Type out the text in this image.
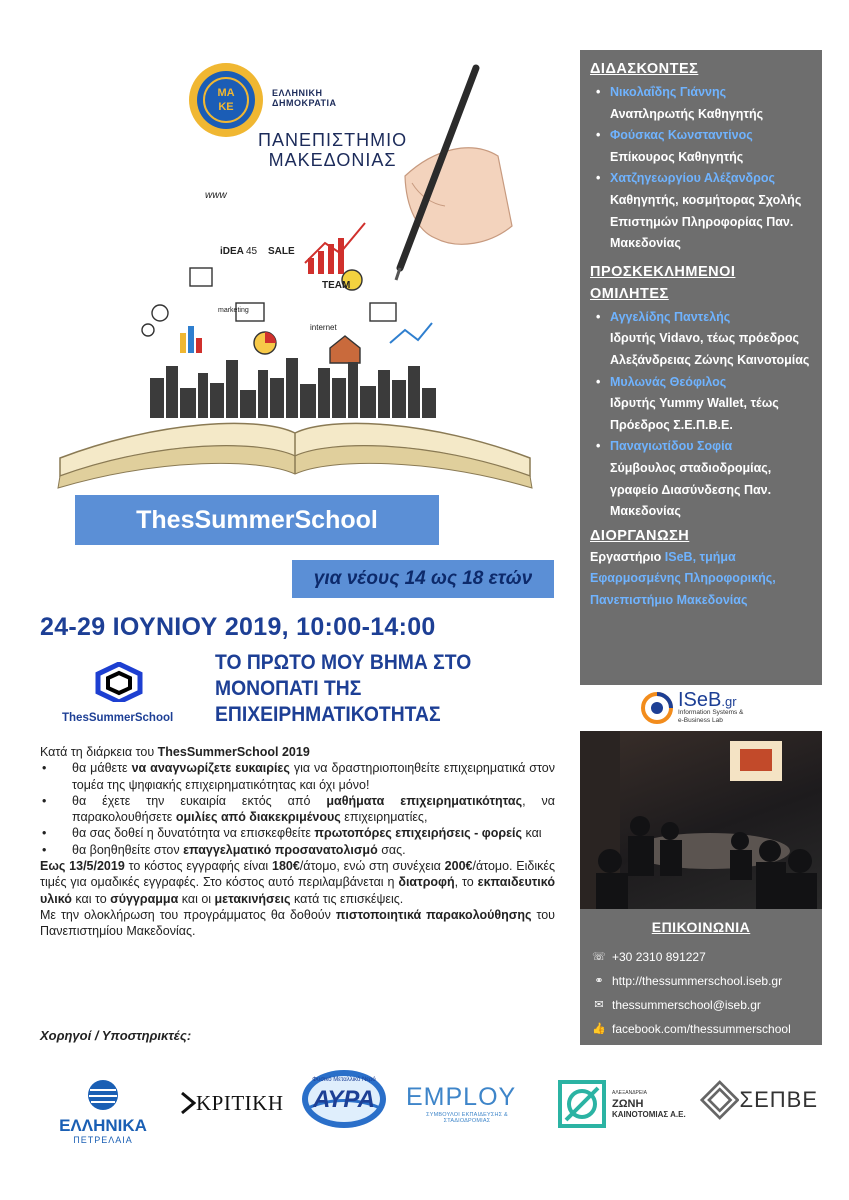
ΜΑ
ΚΕ
www
iDEA 45 SALE
TEAM
internet
marketing
ΕΛΛΗΝΙΚΗ
ΔΗΜΟΚΡΑΤΙΑ
ΠΑΝΕΠΙΣΤΗΜΙΟ
ΜΑΚΕΔΟΝΙΑΣ
ThesSummerSchool
για νέους 14 ως 18 ετών
24-29 ΙΟΥΝΙΟΥ 2019, 10:00-14:00
ThesSummerSchool
ΤΟ ΠΡΩΤΟ ΜΟΥ ΒΗΜΑ ΣΤΟ
ΜΟΝΟΠΑΤΙ ΤΗΣ
ΕΠΙΧΕΙΡΗΜΑΤΙΚΟΤΗΤΑΣ

Κατά τη διάρκεια του ThesSummerSchool 2019

• θα μάθετε να αναγνωρίζετε ευκαιρίες για να δραστηριοποιηθείτε επιχειρηματικά στον τομέα της ψηφιακής επιχειρηματικότητας και όχι μόνο!
• θα έχετε την ευκαιρία εκτός από μαθήματα επιχειρηματικότητας, να παρακολουθήσετε ομιλίες από διακεκριμένους επιχειρηματίες,
• θα σας δοθεί η δυνατότητα να επισκεφθείτε πρωτοπόρες επιχειρήσεις - φορείς και
• θα βοηθηθείτε στον επαγγελματικό προσανατολισμό σας.

Εως 13/5/2019 το κόστος εγγραφής είναι 180€/άτομο, ενώ στη συνέχεια 200€/άτομο. Ειδικές τιμές για ομαδικές εγγραφές. Στο κόστος αυτό περιλαμβάνεται η διατροφή, το εκπαιδευτικό υλικό και το σύγγραμμα και οι μετακινήσεις κατά τις επισκέψεις.

Με την ολοκλήρωση του προγράμματος θα δοθούν πιστοποιητικά παρακολούθησης του Πανεπιστημίου Μακεδονίας.

Χορηγοί / Υποστηρικτές:
ΕΛΛΗΝΙΚΑ
ΠΕΤΡΕΛΑΙΑ
ΚΡΙΤΙΚΗ
Φυσικό Μεταλλικό Νερό
ΑΥΡΑ	EMPLOY
ΣΥΜΒΟΥΛΟΙ ΕΚΠΑΙΔΕΥΣΗΣ & ΣΤΑΔΙΟΔΡΟΜΙΑΣ
ΑΛΕΞΑΝΔΡΕΙΑ
ΖΩΝΗ
ΚΑΙΝΟΤΟΜΙΑΣ Α.Ε.
ΣΕΠΒΕ
ΔΙΔΑΣΚΟΝΤΕΣ
• Νικολαΐδης Γιάννης
Αναπληρωτής Καθηγητής
• Φούσκας Κωνσταντίνος
Επίκουρος Καθηγητής
• Χατζηγεωργίου Αλέξανδρος
Καθηγητής, κοσμήτορας Σχολής Επιστημών Πληροφορίας Παν. Μακεδονίας
ΠΡΟΣΚΕΚΛΗΜΕΝΟΙ ΟΜΙΛΗΤΕΣ
• Αγγελίδης Παντελής
Ιδρυτής Vidavo, τέως πρόεδρος Αλεξάνδρειας Ζώνης Καινοτομίας
• Μυλωνάς Θεόφιλος
Ιδρυτής Yummy Wallet, τέως Πρόεδρος Σ.Ε.Π.Β.Ε.
• Παναγιωτίδου Σοφία
Σύμβουλος σταδιοδρομίας, γραφείο Διασύνδεσης Παν. Μακεδονίας
ΔΙΟΡΓΑΝΩΣΗ
Εργαστήριο ISeB, τμήμα Εφαρμοσμένης Πληροφορικής, Πανεπιστήμιο Μακεδονίας
ISeB.gr
Information Systems &
e-Business Lab
ΕΠΙΚΟΙΝΩΝΙΑ
☏ +30 2310 891227
⚭ http://thessummerschool.iseb.gr
✉ thessummerschool@iseb.gr
👍 facebook.com/thessummerschool
